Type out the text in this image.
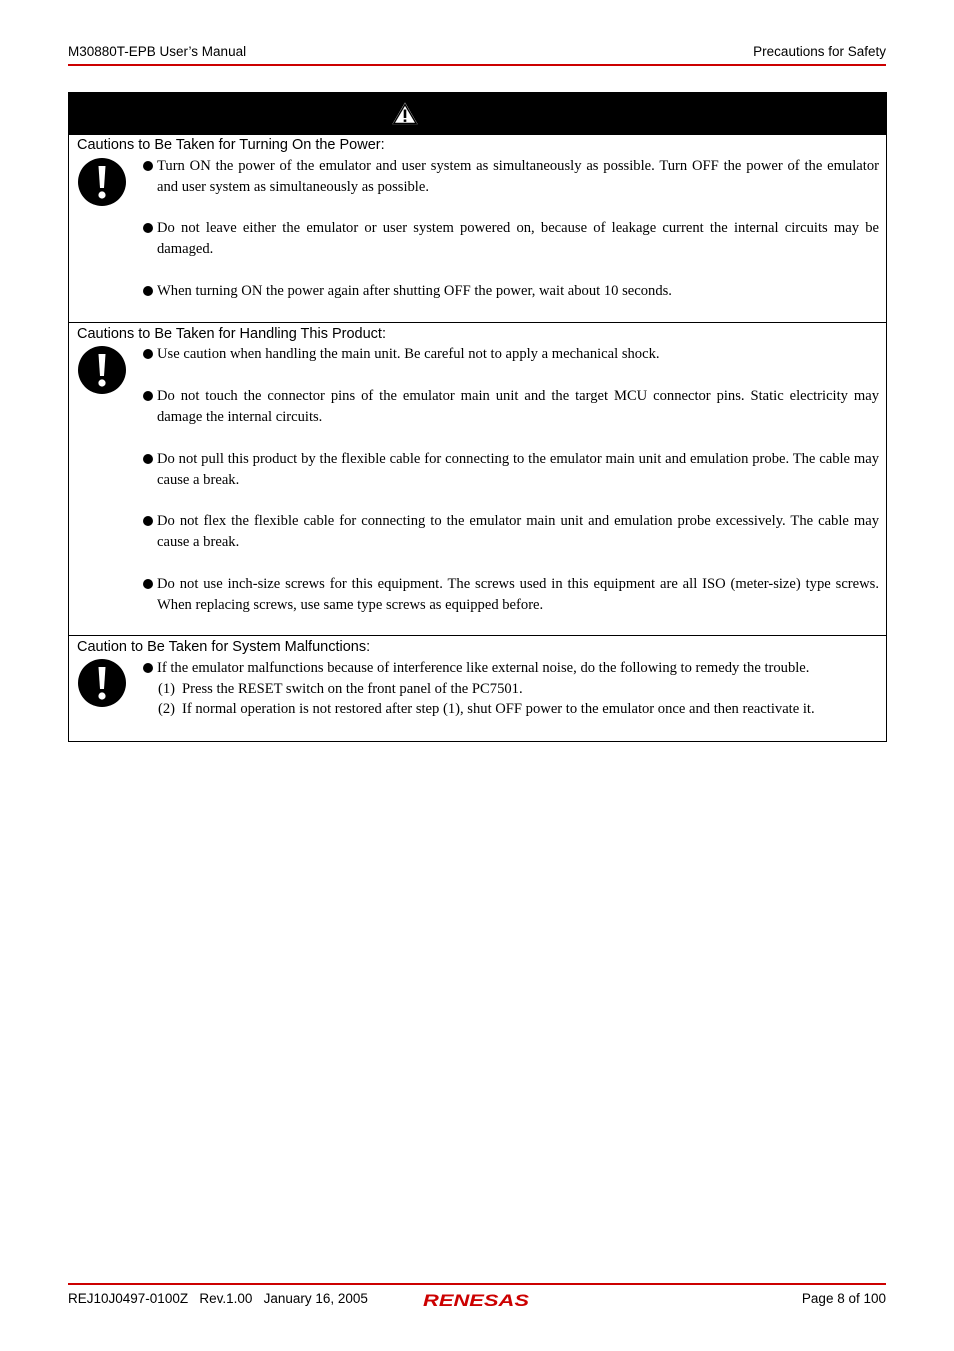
M30880T-EPB User’s Manual	Precautions for Safety
Cautions to Be Taken for Turning On the Power:
Turn ON the power of the emulator and user system as simultaneously as possible. Turn OFF the power of the emulator and user system as simultaneously as possible.
Do not leave either the emulator or user system powered on, because of leakage current the internal circuits may be damaged.
When turning ON the power again after shutting OFF the power, wait about 10 seconds.
Cautions to Be Taken for Handling This Product:
Use caution when handling the main unit. Be careful not to apply a mechanical shock.
Do not touch the connector pins of the emulator main unit and the target MCU connector pins. Static electricity may damage the internal circuits.
Do not pull this product by the flexible cable for connecting to the emulator main unit and emulation probe. The cable may cause a break.
Do not flex the flexible cable for connecting to the emulator main unit and emulation probe excessively. The cable may cause a break.
Do not use inch-size screws for this equipment. The screws used in this equipment are all ISO (meter-size) type screws. When replacing screws, use same type screws as equipped before.
Caution to Be Taken for System Malfunctions:
If the emulator malfunctions because of interference like external noise, do the following to remedy the trouble.
(1) Press the RESET switch on the front panel of the PC7501.
(2) If normal operation is not restored after step (1), shut OFF power to the emulator once and then reactivate it.
REJ10J0497-0100Z   Rev.1.00   January 16, 2005	RENESAS	Page 8 of 100
